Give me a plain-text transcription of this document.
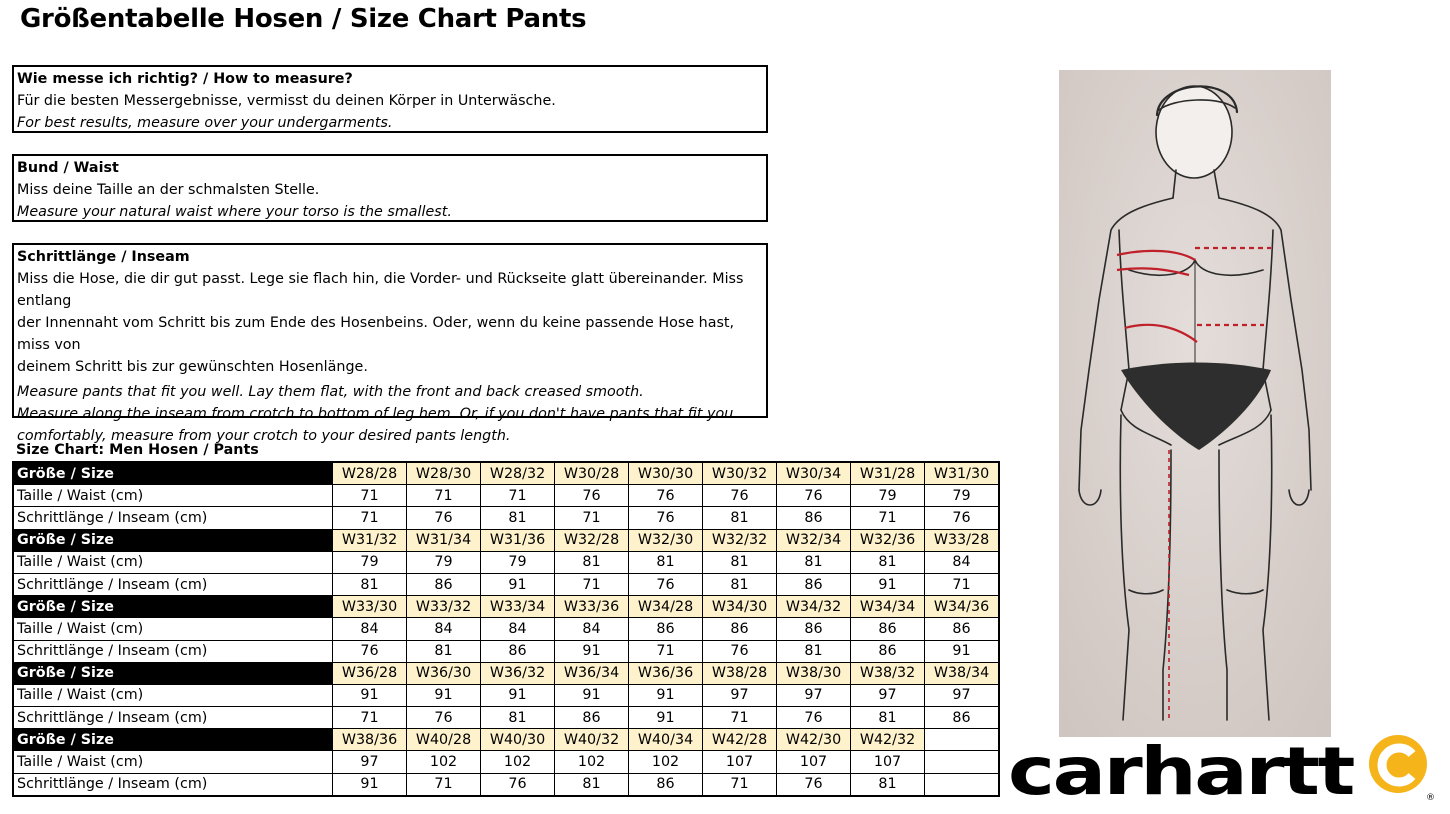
Größentabelle Hosen / Size Chart Pants
Wie messe ich richtig? / How to measure?
Für die besten Messergebnisse, vermisst du deinen Körper in Unterwäsche.
For best results, measure over your undergarments.
Bund / Waist
Miss deine Taille an der schmalsten Stelle.
Measure your natural waist where your torso is the smallest.
Schrittlänge / Inseam
Miss die Hose, die dir gut passt. Lege sie flach hin, die Vorder- und Rückseite glatt übereinander. Miss entlang
der Innennaht vom Schritt bis zum Ende des Hosenbeins. Oder, wenn du keine passende Hose hast, miss von
deinem Schritt bis zur gewünschten Hosenlänge.
Measure pants that fit you well. Lay them flat, with the front and back creased smooth.
Measure along the inseam from crotch to bottom of leg hem. Or, if you don't have pants that fit you
comfortably, measure from your crotch to your desired pants length.
Size Chart: Men Hosen / Pants
Größe / Size	W28/28	W28/30	W28/32	W30/28	W30/30	W30/32	W30/34	W31/28	W31/30
Taille / Waist (cm)	71	71	71	76	76	76	76	79	79
Schrittlänge / Inseam (cm)	71	76	81	71	76	81	86	71	76
Größe / Size	W31/32	W31/34	W31/36	W32/28	W32/30	W32/32	W32/34	W32/36	W33/28
Taille / Waist (cm)	79	79	79	81	81	81	81	81	84
Schrittlänge / Inseam (cm)	81	86	91	71	76	81	86	91	71
Größe / Size	W33/30	W33/32	W33/34	W33/36	W34/28	W34/30	W34/32	W34/34	W34/36
Taille / Waist (cm)	84	84	84	84	86	86	86	86	86
Schrittlänge / Inseam (cm)	76	81	86	91	71	76	81	86	91
Größe / Size	W36/28	W36/30	W36/32	W36/34	W36/36	W38/28	W38/30	W38/32	W38/34
Taille / Waist (cm)	91	91	91	91	91	97	97	97	97
Schrittlänge / Inseam (cm)	71	76	81	86	91	71	76	81	86
Größe / Size	W38/36	W40/28	W40/30	W40/32	W40/34	W42/28	W42/30	W42/32	
Taille / Waist (cm)	97	102	102	102	102	107	107	107	
Schrittlänge / Inseam (cm)	91	71	76	81	86	71	76	81	carhartt	®
